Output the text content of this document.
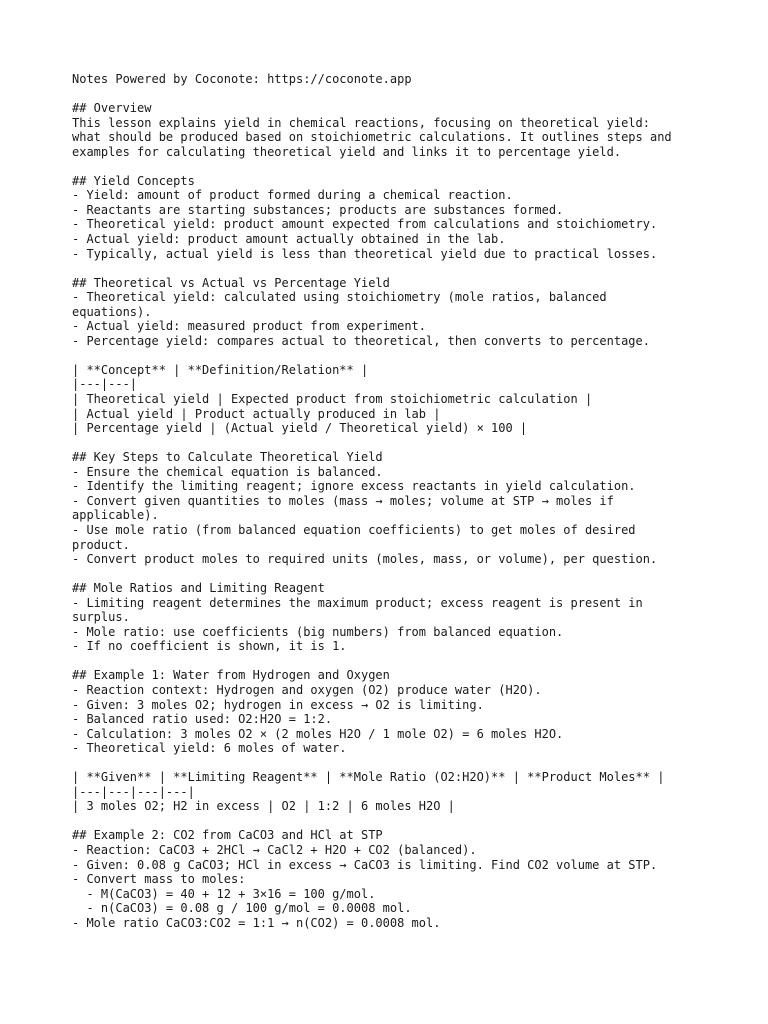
Notes Powered by Coconote: https://coconote.app
## Overview
This lesson explains yield in chemical reactions, focusing on theoretical yield:
what should be produced based on stoichiometric calculations. It outlines steps and
examples for calculating theoretical yield and links it to percentage yield.
## Yield Concepts
- Yield: amount of product formed during a chemical reaction.
- Reactants are starting substances; products are substances formed.
- Theoretical yield: product amount expected from calculations and stoichiometry.
- Actual yield: product amount actually obtained in the lab.
- Typically, actual yield is less than theoretical yield due to practical losses.
## Theoretical vs Actual vs Percentage Yield
- Theoretical yield: calculated using stoichiometry (mole ratios, balanced
equations).
- Actual yield: measured product from experiment.
- Percentage yield: compares actual to theoretical, then converts to percentage.
| **Concept** | **Definition/Relation** |
|---|---|
| Theoretical yield | Expected product from stoichiometric calculation |
| Actual yield | Product actually produced in lab |
| Percentage yield | (Actual yield / Theoretical yield) × 100 |
## Key Steps to Calculate Theoretical Yield
- Ensure the chemical equation is balanced.
- Identify the limiting reagent; ignore excess reactants in yield calculation.
- Convert given quantities to moles (mass → moles; volume at STP → moles if
applicable).
- Use mole ratio (from balanced equation coefficients) to get moles of desired
product.
- Convert product moles to required units (moles, mass, or volume), per question.
## Mole Ratios and Limiting Reagent
- Limiting reagent determines the maximum product; excess reagent is present in
surplus.
- Mole ratio: use coefficients (big numbers) from balanced equation.
- If no coefficient is shown, it is 1.
## Example 1: Water from Hydrogen and Oxygen
- Reaction context: Hydrogen and oxygen (O2) produce water (H2O).
- Given: 3 moles O2; hydrogen in excess → O2 is limiting.
- Balanced ratio used: O2:H2O = 1:2.
- Calculation: 3 moles O2 × (2 moles H2O / 1 mole O2) = 6 moles H2O.
- Theoretical yield: 6 moles of water.
| **Given** | **Limiting Reagent** | **Mole Ratio (O2:H2O)** | **Product Moles** |
|---|---|---|---|
| 3 moles O2; H2 in excess | O2 | 1:2 | 6 moles H2O |
## Example 2: CO2 from CaCO3 and HCl at STP
- Reaction: CaCO3 + 2HCl → CaCl2 + H2O + CO2 (balanced).
- Given: 0.08 g CaCO3; HCl in excess → CaCO3 is limiting. Find CO2 volume at STP.
- Convert mass to moles:
- M(CaCO3) = 40 + 12 + 3×16 = 100 g/mol.
- n(CaCO3) = 0.08 g / 100 g/mol = 0.0008 mol.
- Mole ratio CaCO3:CO2 = 1:1 → n(CO2) = 0.0008 mol.
